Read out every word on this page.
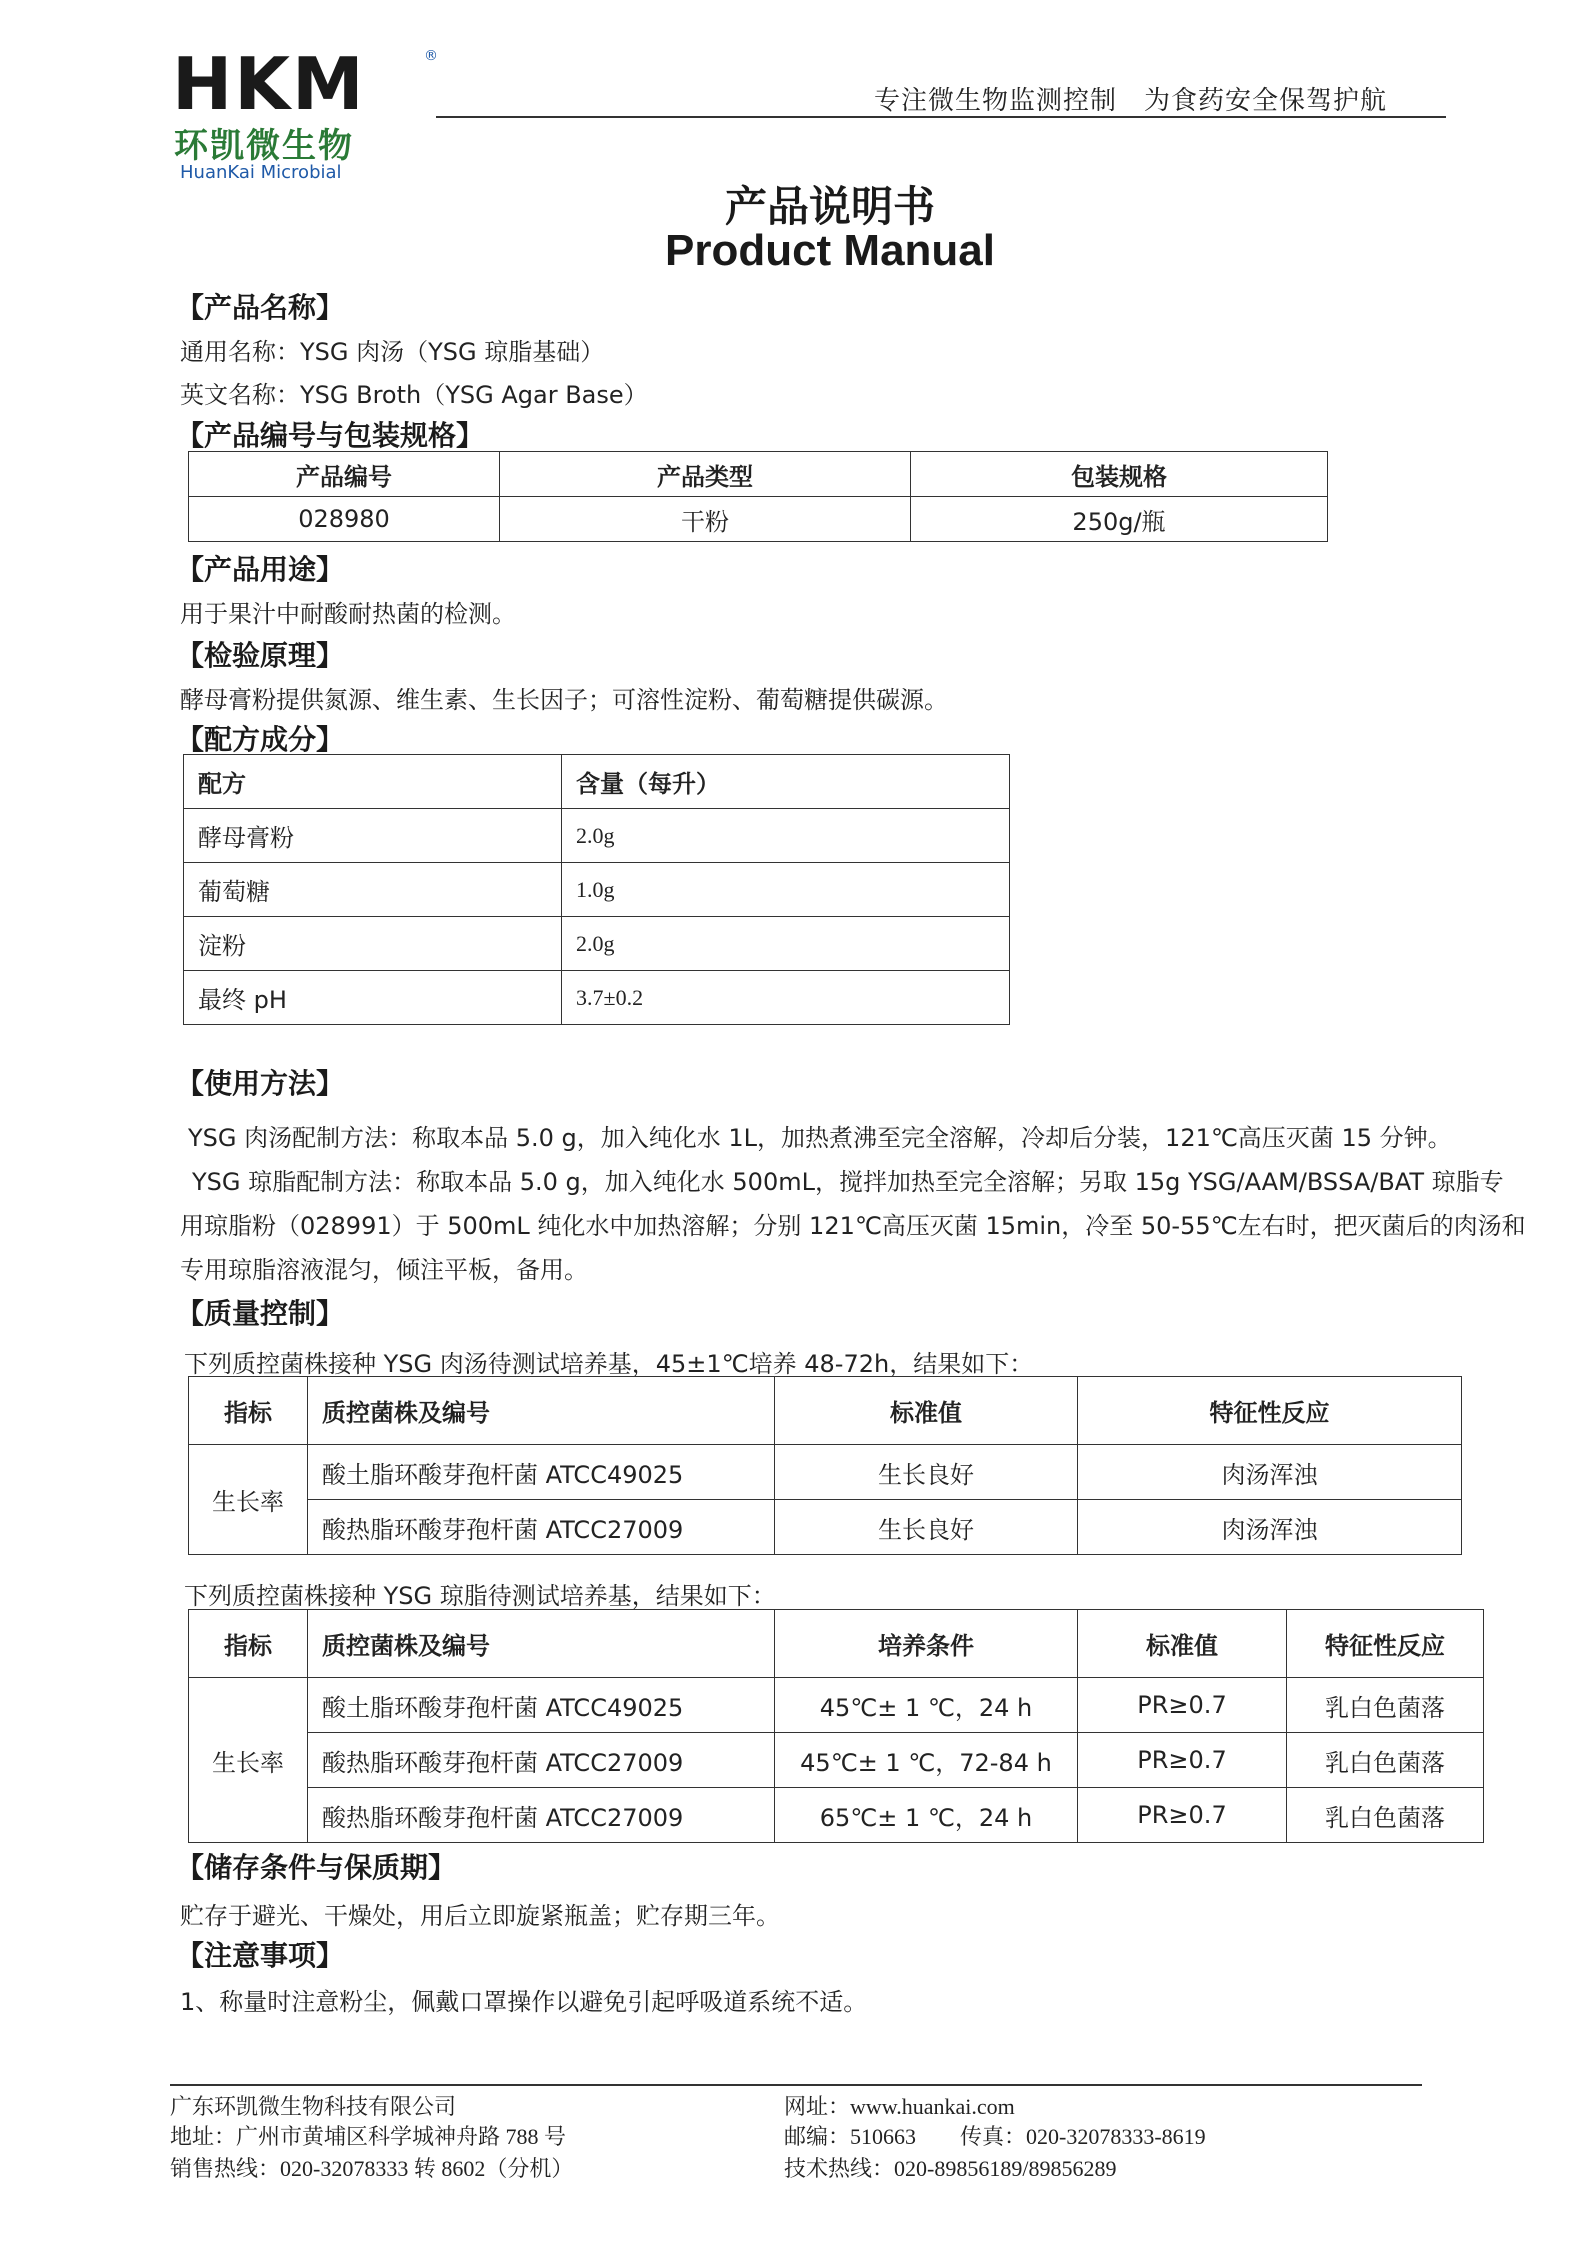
HKM	®
环凯微生物
HuanKai Microbial
专注微生物监测控制　为食药安全保驾护航
产品说明书
Product Manual
【产品名称】
通用名称：YSG 肉汤（YSG 琼脂基础）
英文名称：YSG Broth（YSG Agar Base）
【产品编号与包装规格】
产品编号	产品类型	包装规格
028980	干粉	250g/瓶
【产品用途】
用于果汁中耐酸耐热菌的检测。
【检验原理】
酵母膏粉提供氮源、维生素、生长因子；可溶性淀粉、葡萄糖提供碳源。
【配方成分】
配方	含量（每升）
酵母膏粉	2.0g
葡萄糖	1.0g
淀粉	2.0g
最终 pH	3.7±0.2
【使用方法】
YSG 肉汤配制方法：称取本品 5.0 g，加入纯化水 1L，加热煮沸至完全溶解，冷却后分装，121℃高压灭菌 15 分钟。
YSG 琼脂配制方法：称取本品 5.0 g，加入纯化水 500mL，搅拌加热至完全溶解；另取 15g YSG/AAM/BSSA/BAT 琼脂专
用琼脂粉（028991）于 500mL 纯化水中加热溶解；分别 121℃高压灭菌 15min，冷至 50-55℃左右时，把灭菌后的肉汤和
专用琼脂溶液混匀，倾注平板，备用。
【质量控制】
下列质控菌株接种 YSG 肉汤待测试培养基，45±1℃培养 48-72h，结果如下：
指标	质控菌株及编号	标准值	特征性反应
生长率	酸土脂环酸芽孢杆菌 ATCC49025	生长良好	肉汤浑浊
	酸热脂环酸芽孢杆菌 ATCC27009	生长良好	肉汤浑浊
下列质控菌株接种 YSG 琼脂待测试培养基，结果如下：
指标	质控菌株及编号	培养条件	标准值	特征性反应
生长率	酸土脂环酸芽孢杆菌 ATCC49025	45℃± 1 ℃，24 h	PR≥0.7	乳白色菌落
	酸热脂环酸芽孢杆菌 ATCC27009	45℃± 1 ℃，72-84 h	PR≥0.7	乳白色菌落
	酸热脂环酸芽孢杆菌 ATCC27009	65℃± 1 ℃，24 h	PR≥0.7	乳白色菌落
【储存条件与保质期】
贮存于避光、干燥处，用后立即旋紧瓶盖；贮存期三年。
【注意事项】
1、称量时注意粉尘，佩戴口罩操作以避免引起呼吸道系统不适。
广东环凯微生物科技有限公司
地址：广州市黄埔区科学城神舟路 788 号
销售热线：020-32078333 转 8602（分机）
网址：www.huankai.com
邮编：510663 传真：020-32078333-8619
技术热线：020-89856189/89856289
